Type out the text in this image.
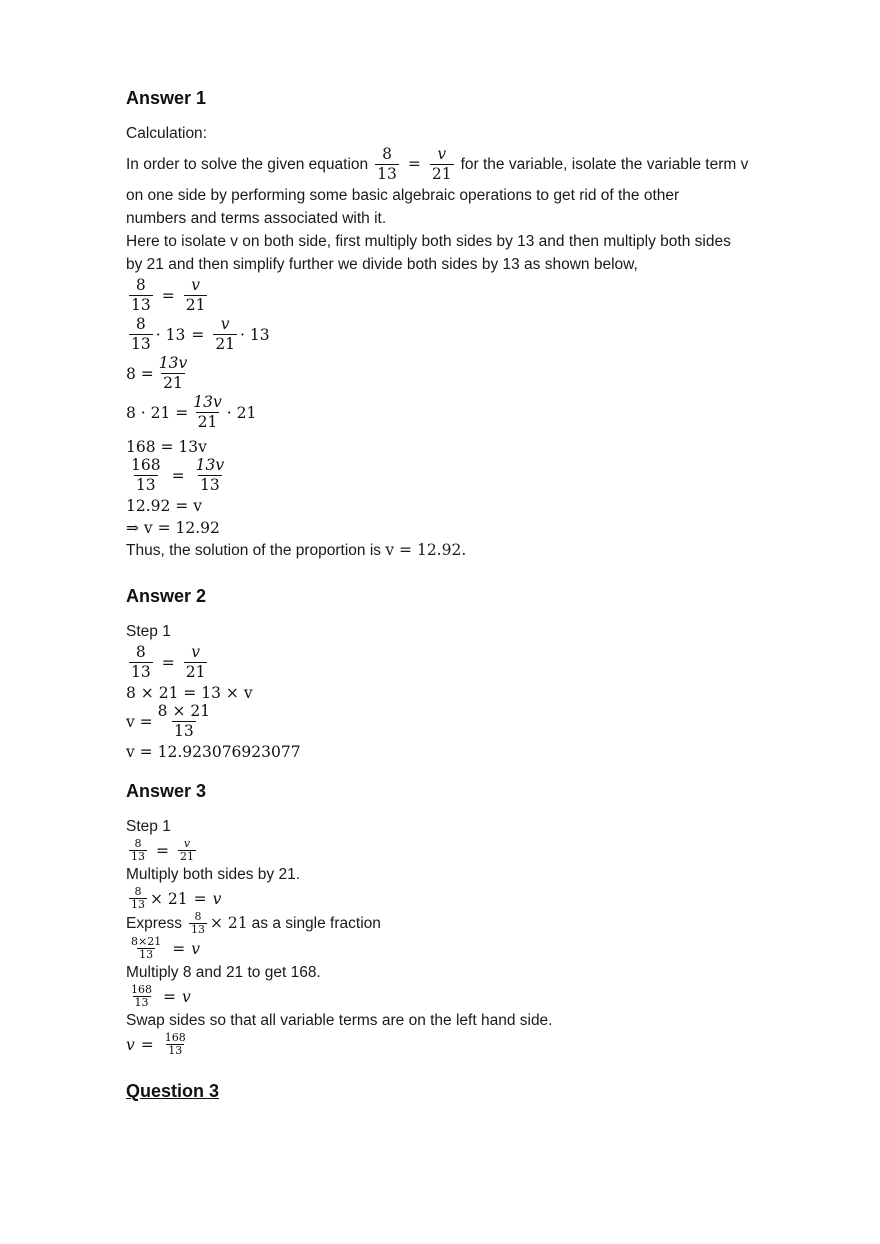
Answer 1

Calculation:

In order to solve the given equation $\frac{8}{13} = \frac{v}{21}$ for the variable, isolate the variable term v

on one side by performing some basic algebraic operations to get rid of the other

numbers and terms associated with it.

Here to isolate v on both side, first multiply both sides by 13 and then multiply both sides

by 21 and then simplify further we divide both sides by 13 as shown below,

$\frac{8}{13} = \frac{v}{21}$
$\frac{8}{13} \cdot 13 = \frac{v}{21} \cdot 13$
$8 = \frac{13v}{21}$
$8 \cdot 21 = \frac{13v}{21} \cdot 21$
168 = 13v
$\frac{168}{13} = \frac{13v}{13}$
12.92 = v
⇒ v = 12.92
Thus, the solution of the proportion is v = 12.92.

Answer 2

Step 1

$\frac{8}{13} = \frac{v}{21}$
8 × 21 = 13 × v
$v = \frac{8 \times 21}{13}$
v = 12.923076923077

Answer 3

Step 1

$\frac{8}{13} = \frac{v}{21}$

Multiply both sides by 21.

$\frac{8}{13} \times 21 = v$
Express $\frac{8}{13} \times 21$ as a single fraction
$\frac{8\times 21}{13} = v$

Multiply 8 and 21 to get 168.

$\frac{168}{13} = v$

Swap sides so that all variable terms are on the left hand side.

$v = \frac{168}{13}$

Question 3
